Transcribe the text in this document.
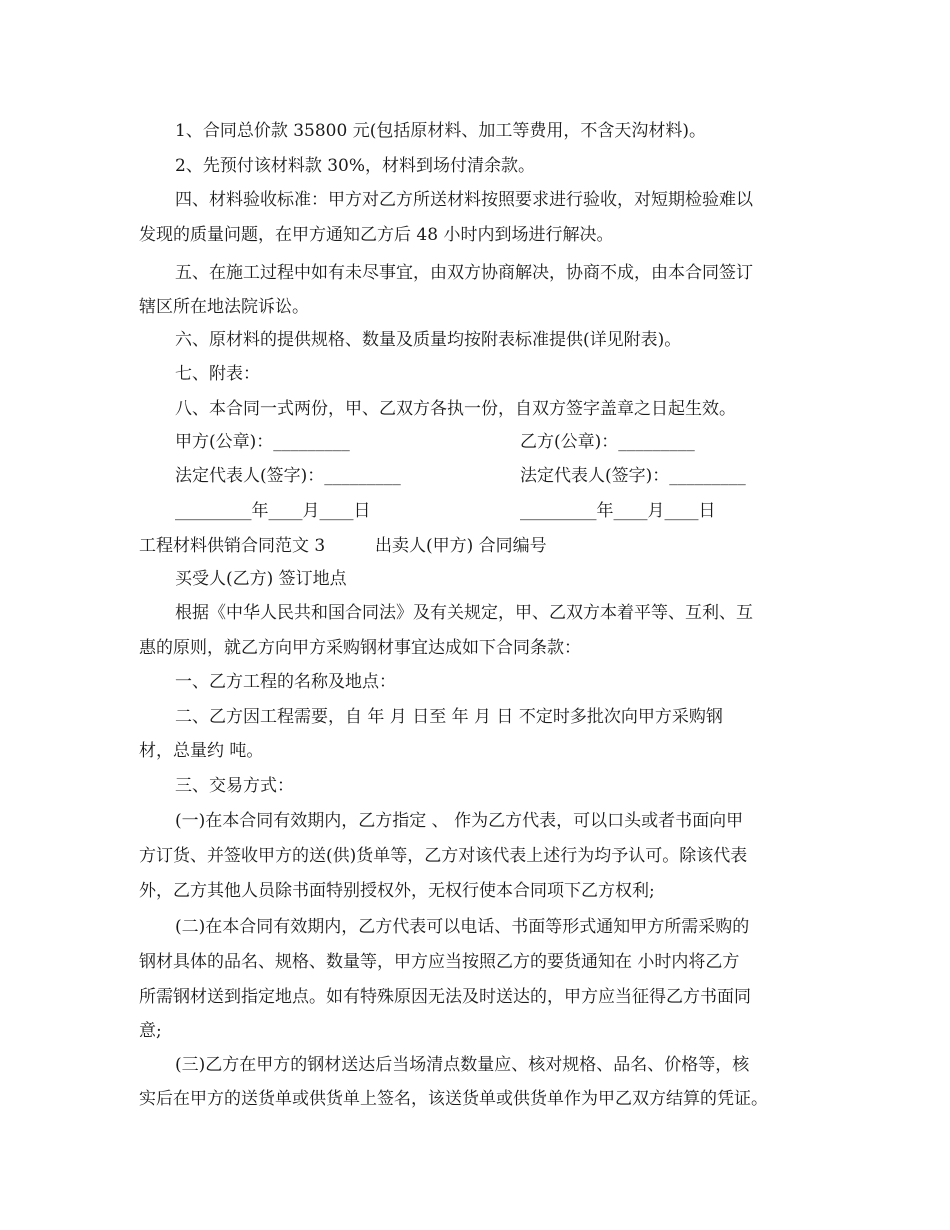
1、合同总价款 35800 元(包括原材料、加工等费用，不含天沟材料)。
2、先预付该材料款 30%，材料到场付清余款。
四、材料验收标准：甲方对乙方所送材料按照要求进行验收，对短期检验难以
发现的质量问题，在甲方通知乙方后 48 小时内到场进行解决。
五、在施工过程中如有未尽事宜，由双方协商解决，协商不成，由本合同签订
辖区所在地法院诉讼。
六、原材料的提供规格、数量及质量均按附表标准提供(详见附表)。
七、附表：
八、本合同一式两份，甲、乙双方各执一份，自双方签字盖章之日起生效。
甲方(公章)：_________	乙方(公章)：_________
法定代表人(签字)：_________	法定代表人(签字)：_________
_________年____月____日	_________年____月____日
工程材料供销合同范文 3	出卖人(甲方) 合同编号
买受人(乙方) 签订地点
根据《中华人民共和国合同法》及有关规定，甲、乙双方本着平等、互利、互
惠的原则，就乙方向甲方采购钢材事宜达成如下合同条款：
一、乙方工程的名称及地点：
二、乙方因工程需要，自 年 月 日至 年 月 日 不定时多批次向甲方采购钢
材，总量约 吨。
三、交易方式：
(一)在本合同有效期内，乙方指定 、 作为乙方代表，可以口头或者书面向甲
方订货、并签收甲方的送(供)货单等，乙方对该代表上述行为均予认可。除该代表
外，乙方其他人员除书面特别授权外，无权行使本合同项下乙方权利;
(二)在本合同有效期内，乙方代表可以电话、书面等形式通知甲方所需采购的
钢材具体的品名、规格、数量等，甲方应当按照乙方的要货通知在 小时内将乙方
所需钢材送到指定地点。如有特殊原因无法及时送达的，甲方应当征得乙方书面同
意;
(三)乙方在甲方的钢材送达后当场清点数量应、核对规格、品名、价格等，核
实后在甲方的送货单或供货单上签名，该送货单或供货单作为甲乙双方结算的凭证。
